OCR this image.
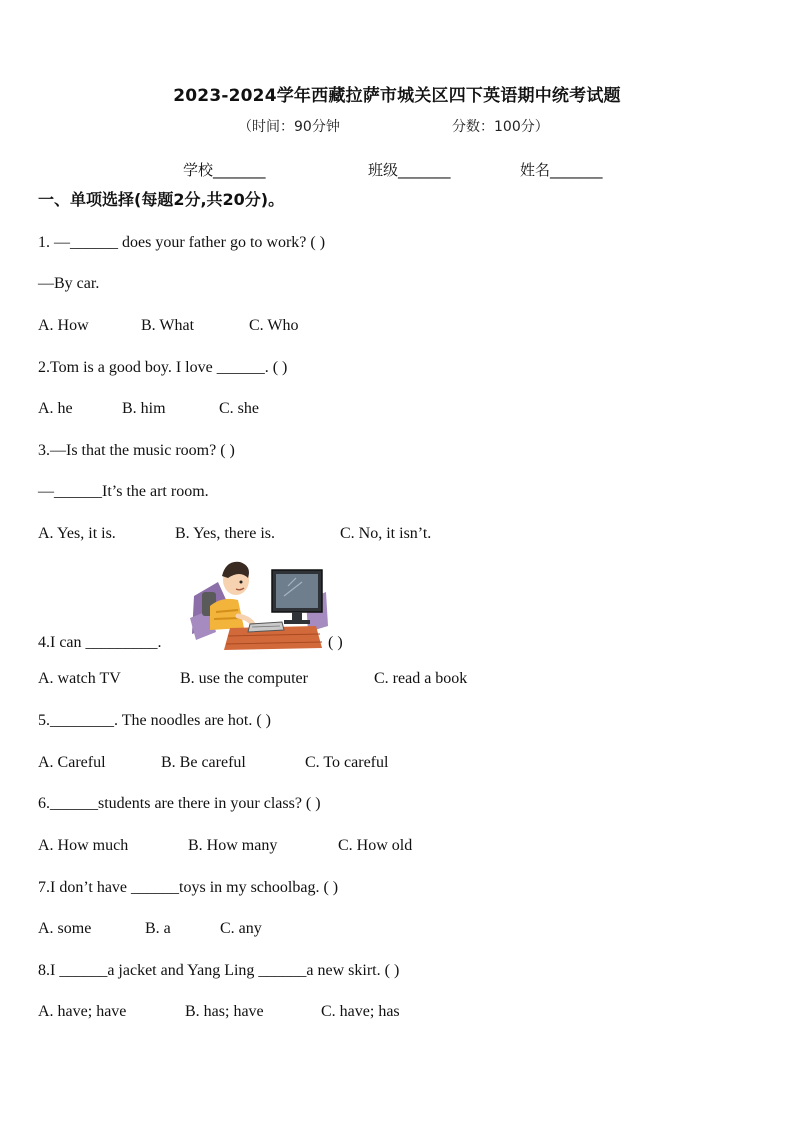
2023-2024学年西藏拉萨市城关区四下英语期中统考试题
（时间：90分钟	分数：100分）
学校_______	班级_______	姓名_______
一、单项选择(每题2分,共20分)。
1. —______ does your father go to work? ( )
—By car.
A. How	B. What	C. Who
2.Tom is a good boy. I love ______. ( )
A. he	B. him	C. she
3.—Is that the music room? ( )
—______It’s the art room.
A. Yes, it is.	B. Yes, there is.	C. No, it isn’t.
4.I can _________.	( )
A. watch TV	B. use the computer	C. read a book
5.________. The noodles are hot. ( )
A. Careful	B. Be careful	C. To careful
6.______students are there in your class? ( )
A. How much	B. How many	C. How old
7.I don’t have ______toys in my schoolbag. ( )
A. some	B. a	C. any
8.I ______a jacket and Yang Ling ______a new skirt. ( )
A. have; have	B. has; have	C. have; has
